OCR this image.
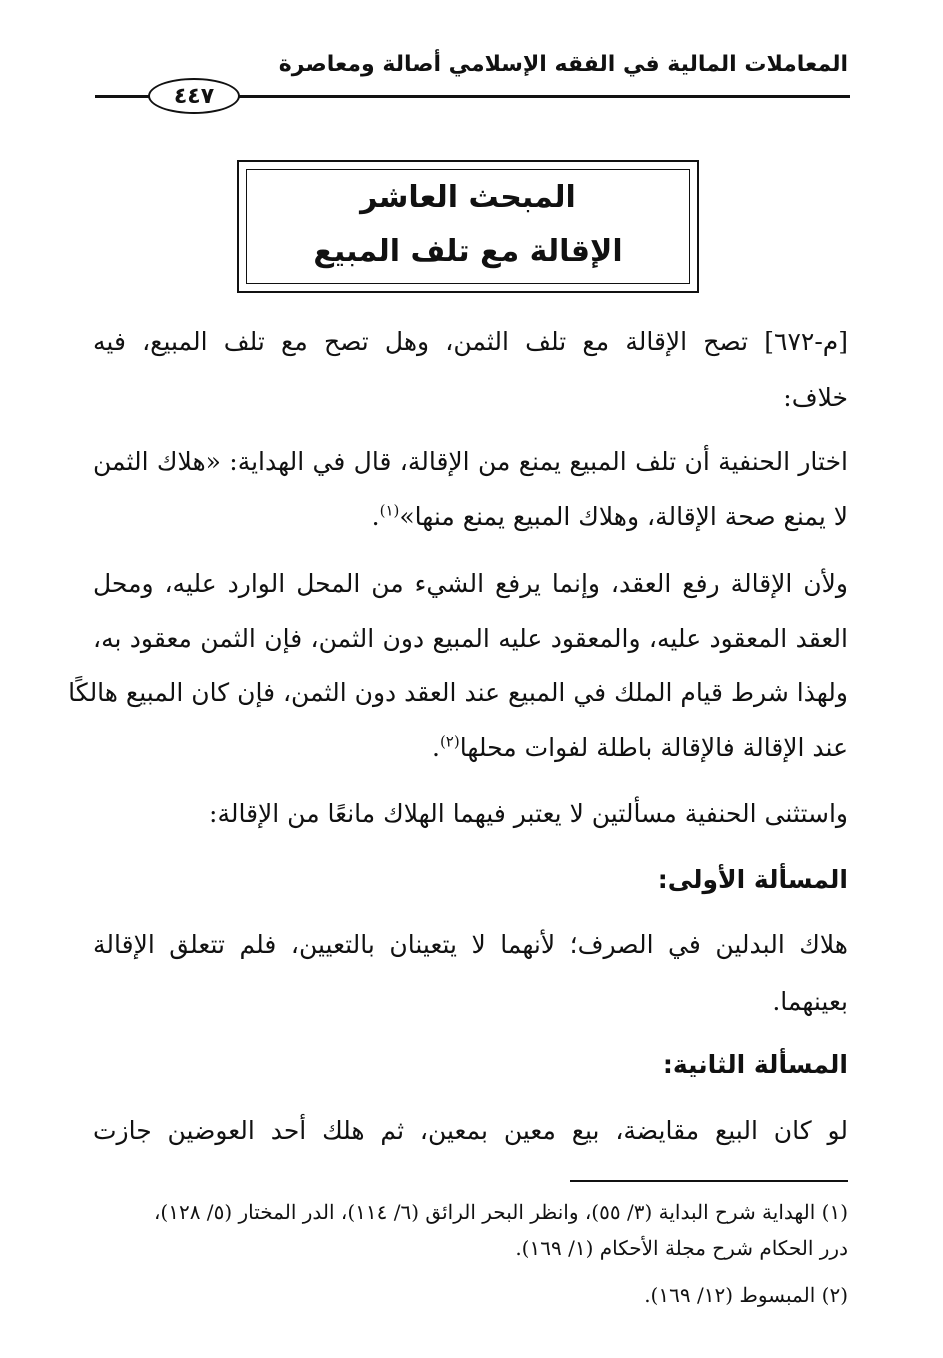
المعاملات المالية في الفقه الإسلامي أصالة ومعاصرة
٤٤٧
المبحث العاشر
الإقالة مع تلف المبيع
[م-٦٧٢] تصح الإقالة مع تلف الثمن، وهل تصح مع تلف المبيع، فيه
خلاف:
اختار الحنفية أن تلف المبيع يمنع من الإقالة، قال في الهداية: «هلاك الثمن
لا يمنع صحة الإقالة، وهلاك المبيع يمنع منها»$^{(١)}$.
ولأن الإقالة رفع العقد، وإنما يرفع الشيء من المحل الوارد عليه، ومحل
العقد المعقود عليه، والمعقود عليه المبيع دون الثمن، فإن الثمن معقود به،
ولهذا شرط قيام الملك في المبيع عند العقد دون الثمن، فإن كان المبيع هالكًا
عند الإقالة فالإقالة باطلة لفوات محلها$^{(٢)}$.
واستثنى الحنفية مسألتين لا يعتبر فيهما الهلاك مانعًا من الإقالة:
المسألة الأولى:
هلاك البدلين في الصرف؛ لأنهما لا يتعينان بالتعيين، فلم تتعلق الإقالة
بعينهما.
المسألة الثانية:
لو كان البيع مقايضة، بيع معين بمعين، ثم هلك أحد العوضين جازت
(١) الهداية شرح البداية (٣/ ٥٥)، وانظر البحر الرائق (٦/ ١١٤)، الدر المختار (٥/ ١٢٨)،
درر الحكام شرح مجلة الأحكام (١/ ١٦٩).
(٢) المبسوط (١٢/ ١٦٩).
